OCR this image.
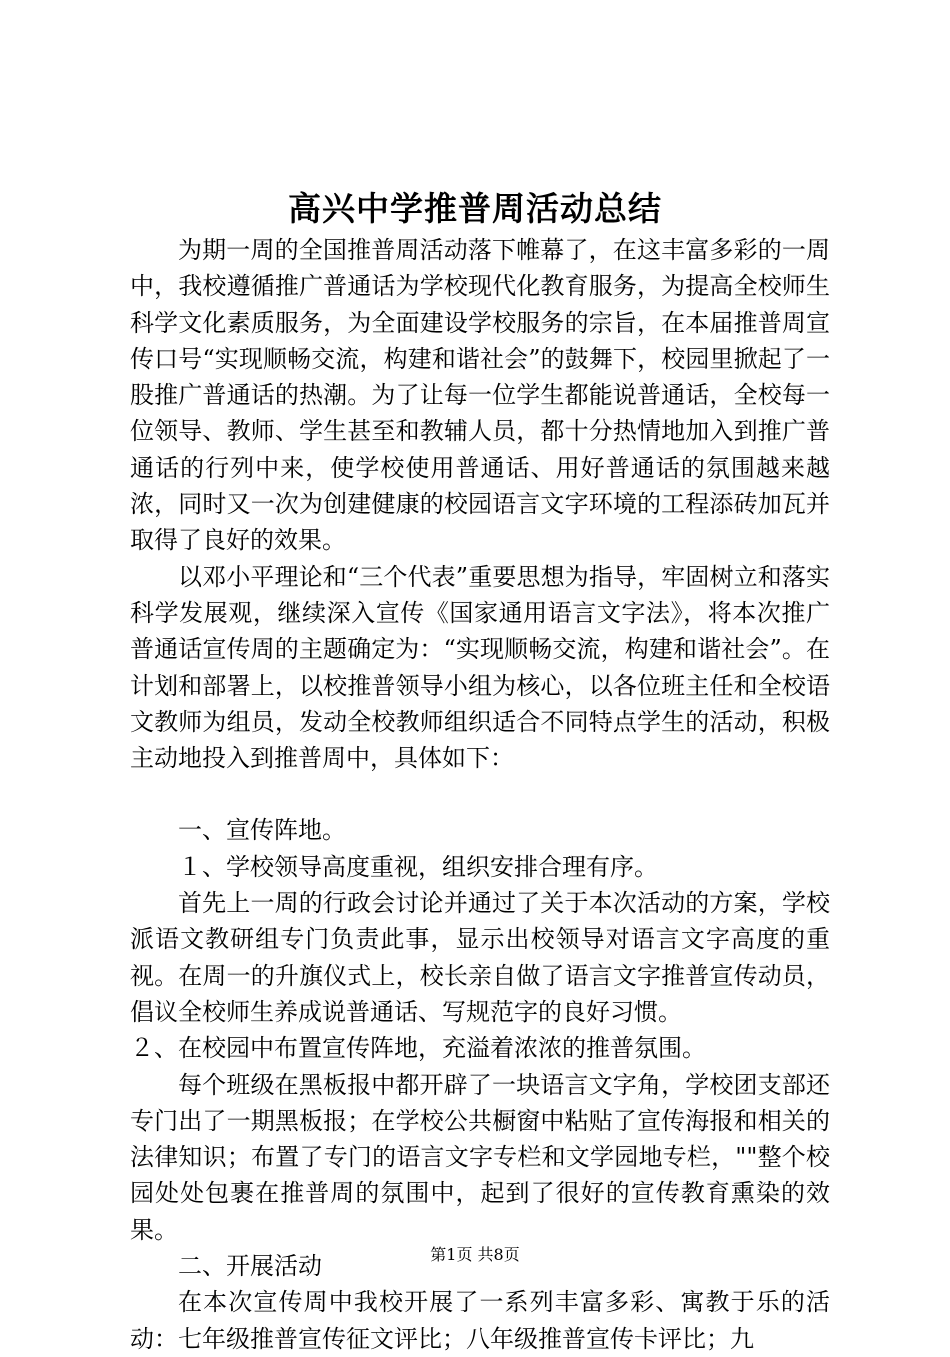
高兴中学推普周活动总结

为期一周的全国推普周活动落下帷幕了，在这丰富多彩的一周中，我校遵循推广普通话为学校现代化教育服务，为提高全校师生科学文化素质服务，为全面建设学校服务的宗旨，在本届推普周宣传口号“实现顺畅交流，构建和谐社会”的鼓舞下，校园里掀起了一股推广普通话的热潮。为了让每一位学生都能说普通话，全校每一位领导、教师、学生甚至和教辅人员，都十分热情地加入到推广普通话的行列中来，使学校使用普通话、用好普通话的氛围越来越浓，同时又一次为创建健康的校园语言文字环境的工程添砖加瓦并取得了良好的效果。

以邓小平理论和“三个代表”重要思想为指导，牢固树立和落实科学发展观，继续深入宣传《国家通用语言文字法》，将本次推广普通话宣传周的主题确定为：“实现顺畅交流，构建和谐社会”。在计划和部署上，以校推普领导小组为核心，以各位班主任和全校语文教师为组员，发动全校教师组织适合不同特点学生的活动，积极主动地投入到推普周中，具体如下：

一、宣传阵地。

１、学校领导高度重视，组织安排合理有序。

首先上一周的行政会讨论并通过了关于本次活动的方案，学校派语文教研组专门负责此事，显示出校领导对语言文字高度的重视。在周一的升旗仪式上，校长亲自做了语言文字推普宣传动员，倡议全校师生养成说普通话、写规范字的良好习惯。

２、在校园中布置宣传阵地，充溢着浓浓的推普氛围。

每个班级在黑板报中都开辟了一块语言文字角，学校团支部还专门出了一期黑板报；在学校公共橱窗中粘贴了宣传海报和相关的法律知识；布置了专门的语言文字专栏和文学园地专栏，""整个校园处处包裹在推普周的氛围中，起到了很好的宣传教育熏染的效果。

二、开展活动

在本次宣传周中我校开展了一系列丰富多彩、寓教于乐的活动：七年级推普宣传征文评比；八年级推普宣传卡评比；九

第1页 共8页
